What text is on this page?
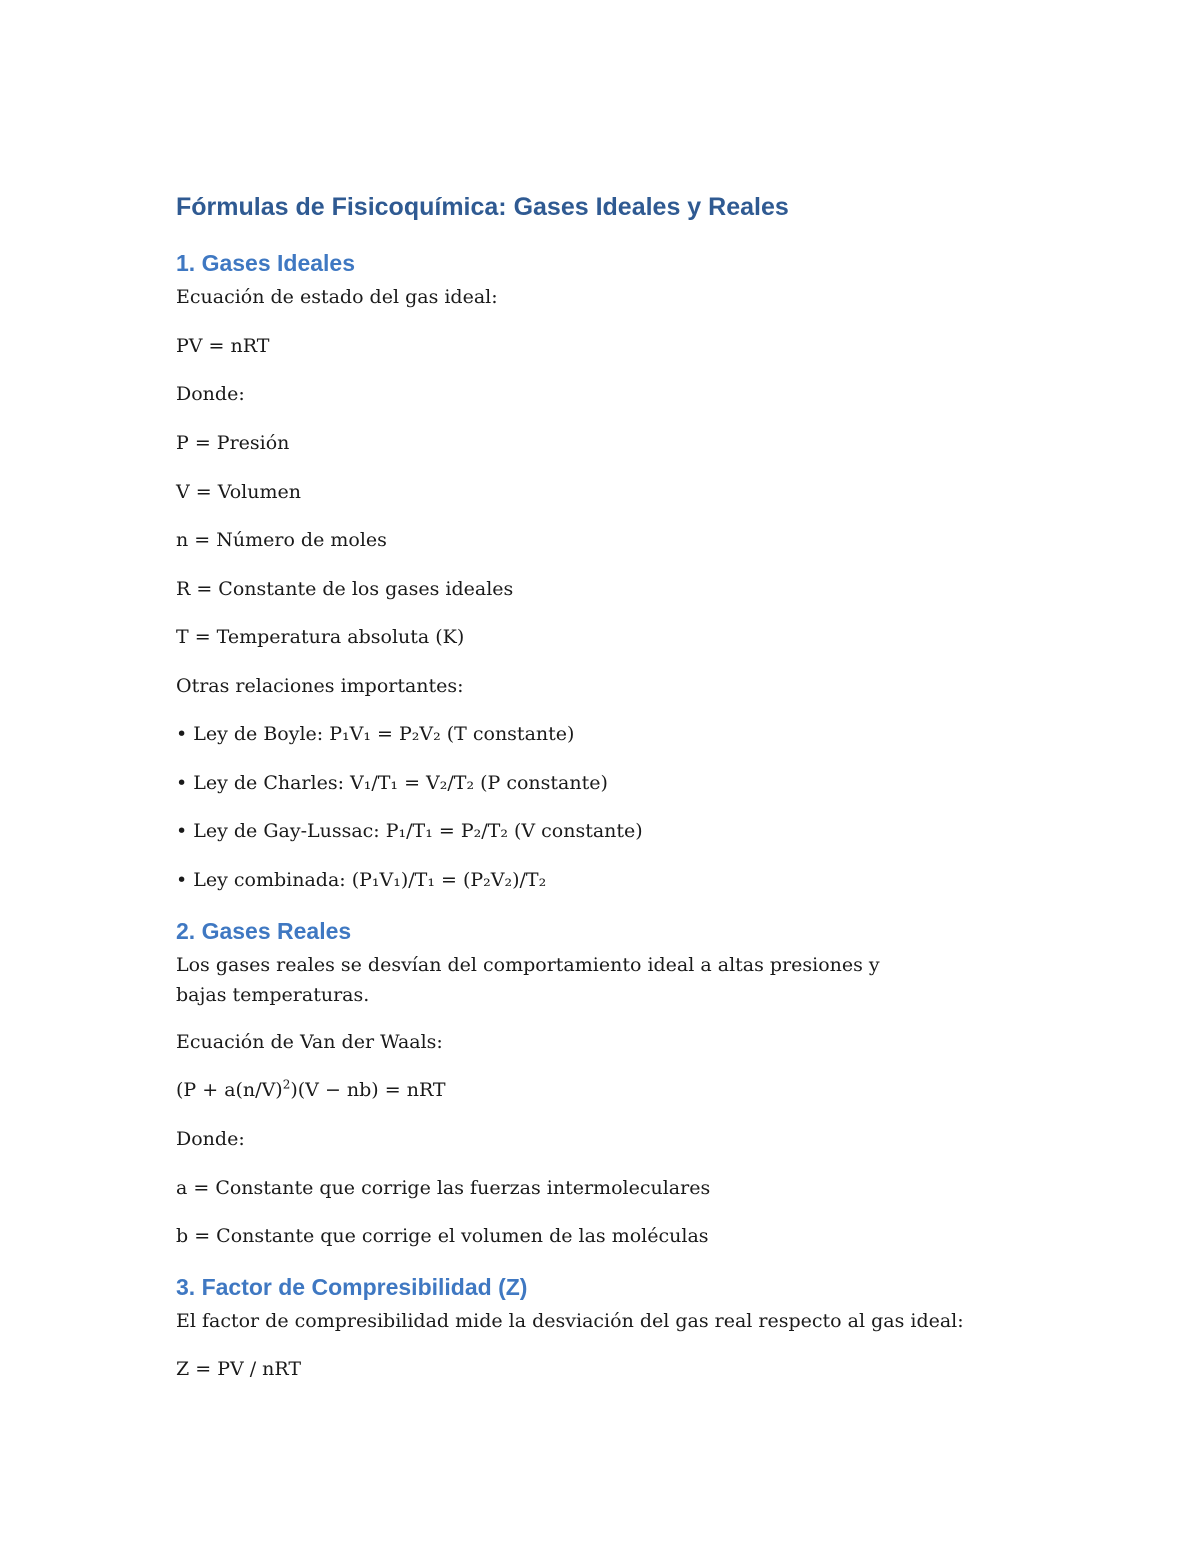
Fórmulas de Fisicoquímica: Gases Ideales y Reales
1. Gases Ideales

Ecuación de estado del gas ideal:

PV = nRT

Donde:

P = Presión

V = Volumen

n = Número de moles

R = Constante de los gases ideales

T = Temperatura absoluta (K)

Otras relaciones importantes:

• Ley de Boyle: P₁V₁ = P₂V₂ (T constante)

• Ley de Charles: V₁/T₁ = V₂/T₂ (P constante)

• Ley de Gay-Lussac: P₁/T₁ = P₂/T₂ (V constante)

• Ley combinada: (P₁V₁)/T₁ = (P₂V₂)/T₂

2. Gases Reales

Los gases reales se desvían del comportamiento ideal a altas presiones y bajas temperaturas.

Ecuación de Van der Waals:

$(P + a(n/V)^2)(V - nb)$ = nRT

Donde:

a = Constante que corrige las fuerzas intermoleculares

b = Constante que corrige el volumen de las moléculas

3. Factor de Compresibilidad (Z)

El factor de compresibilidad mide la desviación del gas real respecto al gas ideal:

Z = PV / nRT
